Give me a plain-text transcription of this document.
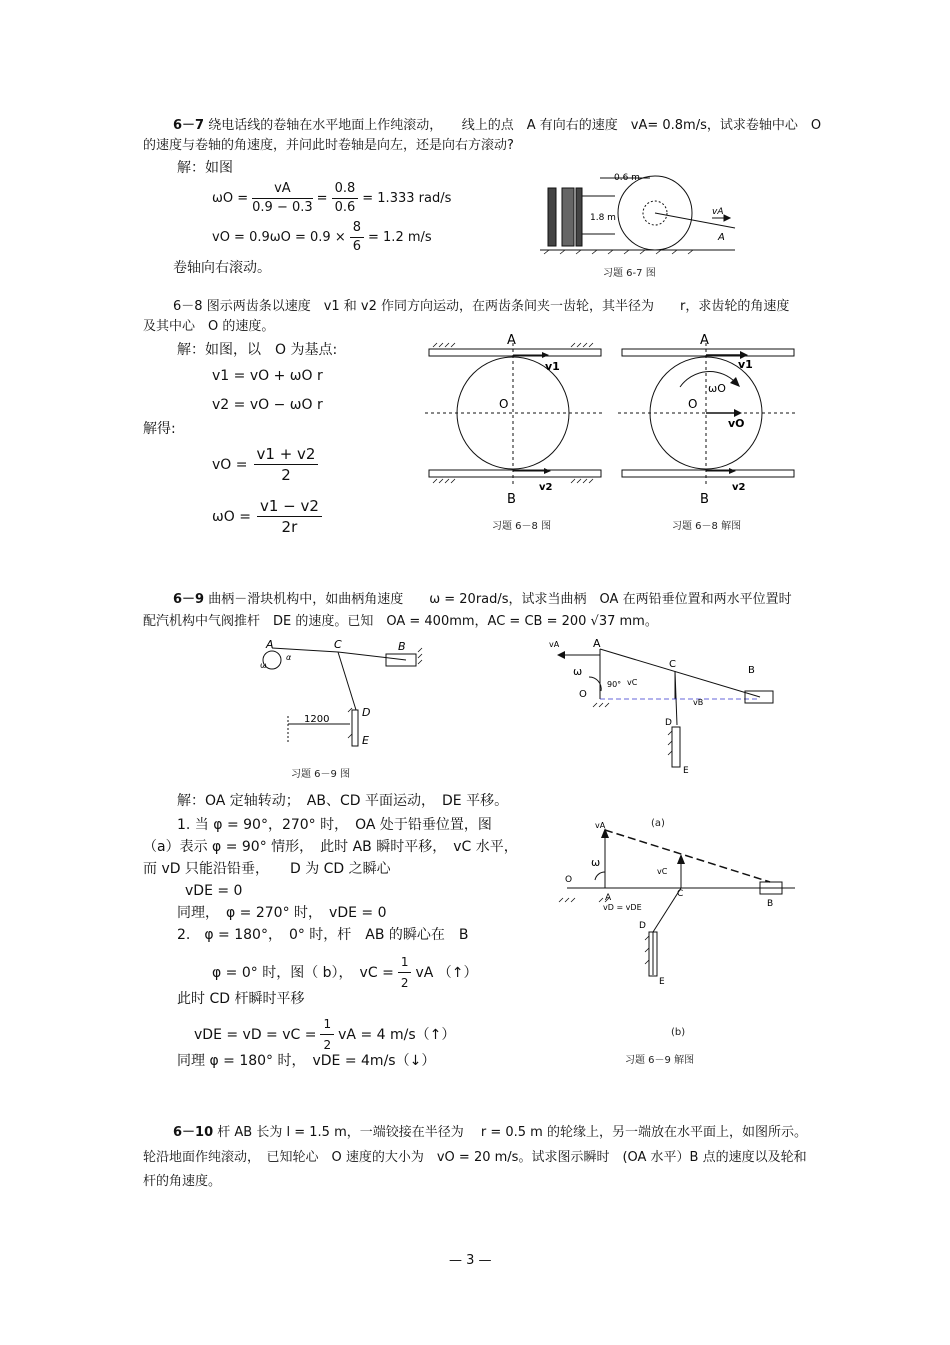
6－7 绕电话线的卷轴在水平地面上作纯滚动，　　线上的点　A 有向右的速度　vA= 0.8m/s，试求卷轴中心　O
的速度与卷轴的角速度，并问此时卷轴是向左，还是向右方滚动?
解：如图
$\omega O = \frac{vA}{0.9 - 0.3} = \frac{0.8}{0.6} = 1.333$ rad/s
vO = $0.9\omega O = 0.9 \times \frac{8}{6} = 1.2$ m/s
卷轴向右滚动。
0.6 m
1.8 m
vA
A
习题 6-7 图
6－8 图示两齿条以速度　v1 和 v2 作同方向运动，在两齿条间夹一齿轮，其半径为　　r，求齿轮的角速度
及其中心　O 的速度。
解：如图，以　O 为基点:
v1 = vO + ωO r
v2 = vO − ωO r
解得:
vO = $\frac{v1 + v2}{2}$
$\omega O = \frac{v1 - v2}{2r}$
A
B
O
v1
v2
习题 6－8 图
A
B
O
v1
v2
vO
ωO
习题 6－8 解图
6－9 曲柄－滑块机构中，如曲柄角速度　　ω = 20rad/s，试求当曲柄　OA 在两铅垂位置和两水平位置时
配汽机构中气阀推杆　DE 的速度。已知　OA = 400mm，AC = CB = 200 √37 mm。
A	C	B
D
E
α
ω
1200
习题 6－9 图
A
C
B
O
D
E
vA
vC
vB
ω
90°
解：OA 定轴转动；　AB、CD 平面运动，　DE 平移。
1. 当 φ = 90°，270° 时，　OA 处于铅垂位置，图
（a）表示 φ = 90° 情形，　此时 AB 瞬时平移，　vC 水平，
而 vD 只能沿铅垂，　　D 为 CD 之瞬心
vDE = 0
同理，　φ = 270° 时，　vDE = 0
2.　φ = 180°，　0° 时，杆　AB 的瞬心在　B
φ = 0° 时，图（ b），　vC = $\frac{1}{2}$ vA （↑）
此时 CD 杆瞬时平移
vDE = vD = vC = $\frac{1}{2}$ vA = 4 m/s（↑）
同理 φ = 180° 时，　vDE = 4m/s（↓）
(a)
vA
ω
vC
O
A	C
B
vD = vDE
D
E
(b)
习题 6－9 解图
6－10 杆 AB 长为 l = 1.5 m，一端铰接在半径为　 r = 0.5 m 的轮缘上，另一端放在水平面上，如图所示。
轮沿地面作纯滚动，　已知轮心　O 速度的大小为　vO = 20 m/s。试求图示瞬时　(OA 水平）B 点的速度以及轮和
杆的角速度。
— 3 —
